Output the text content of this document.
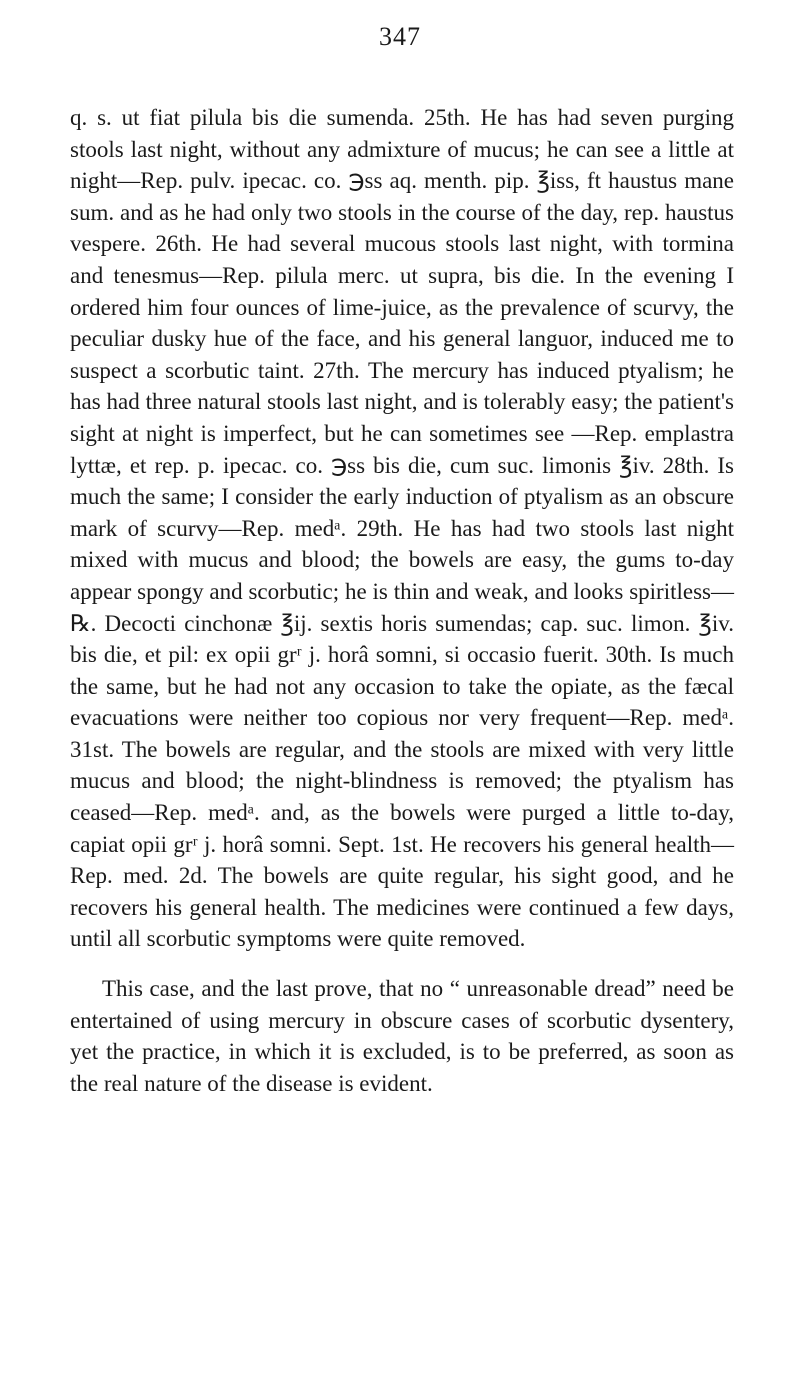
347

q. s. ut fiat pilula bis die sumenda. 25th. He has had seven purging stools last night, without any admixture of mucus; he can see a little at night—Rep. pulv. ipecac. co. ℈ss aq. menth. pip. ℥iss, ft haustus mane sum. and as he had only two stools in the course of the day, rep. haustus vespere. 26th. He had several mucous stools last night, with tormina and tenesmus—Rep. pilula merc. ut supra, bis die. In the evening I ordered him four ounces of lime-juice, as the prevalence of scurvy, the peculiar dusky hue of the face, and his general languor, induced me to suspect a scorbutic taint. 27th. The mercury has induced ptyalism; he has had three natural stools last night, and is tolerably easy; the patient's sight at night is imperfect, but he can sometimes see —Rep. emplastra lyttæ, et rep. p. ipecac. co. ℈ss bis die, cum suc. limonis ℥iv. 28th. Is much the same; I consider the early induction of ptyalism as an obscure mark of scurvy—Rep. medᵃ. 29th. He has had two stools last night mixed with mucus and blood; the bowels are easy, the gums to-day appear spongy and scorbutic; he is thin and weak, and looks spiritless—℞. Decocti cinchonæ ℥ij. sextis horis sumendas; cap. suc. limon. ℥iv. bis die, et pil: ex opii grʳ j. horâ somni, si occasio fuerit. 30th. Is much the same, but he had not any occasion to take the opiate, as the fæcal evacuations were neither too copious nor very frequent—Rep. medᵃ. 31st. The bowels are regular, and the stools are mixed with very little mucus and blood; the night-blindness is removed; the ptyalism has ceased—Rep. medᵃ. and, as the bowels were purged a little to-day, capiat opii grʳ j. horâ somni. Sept. 1st. He recovers his general health—Rep. med. 2d. The bowels are quite regular, his sight good, and he recovers his general health. The medicines were continued a few days, until all scorbutic symptoms were quite removed.

This case, and the last prove, that no “ unreasonable dread” need be entertained of using mercury in obscure cases of scorbutic dysentery, yet the practice, in which it is excluded, is to be preferred, as soon as the real nature of the disease is evident.
